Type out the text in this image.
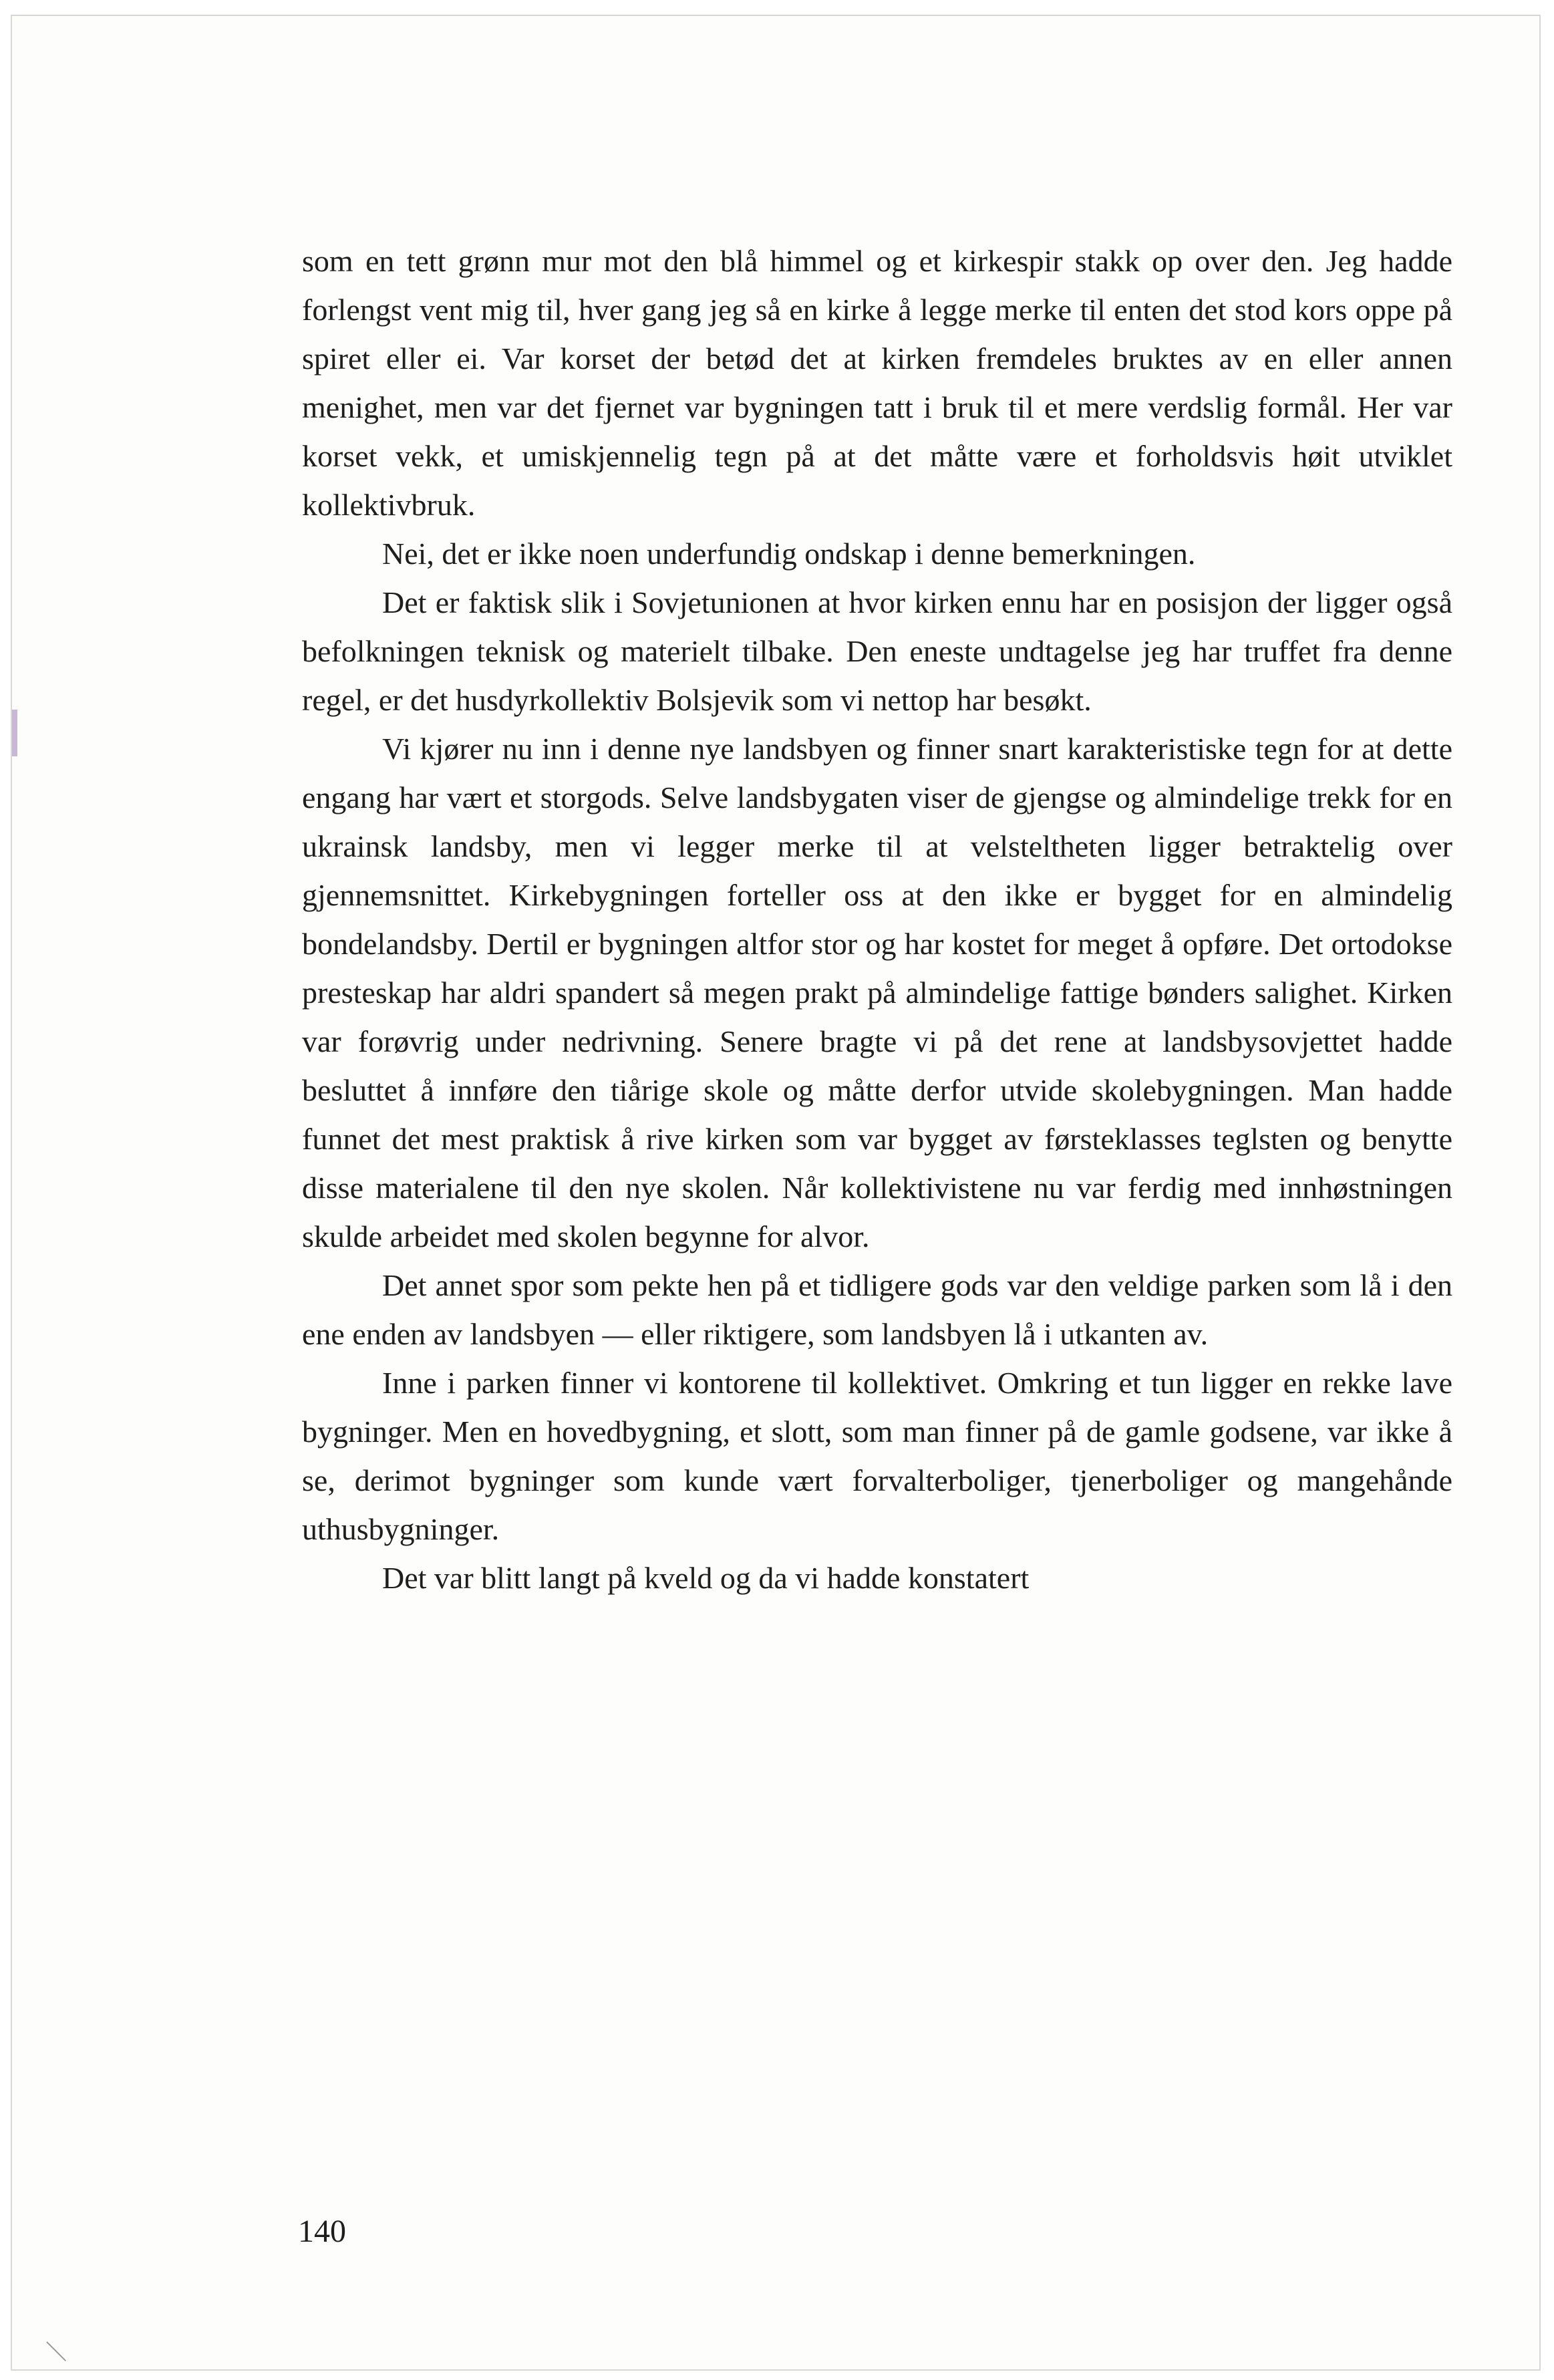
som en tett grønn mur mot den blå himmel og et kirkespir stakk op over den. Jeg hadde forlengst vent mig til, hver gang jeg så en kirke å legge merke til enten det stod kors oppe på spiret eller ei. Var korset der betød det at kirken fremdeles bruktes av en eller annen menighet, men var det fjernet var bygningen tatt i bruk til et mere verdslig formål. Her var korset vekk, et umiskjennelig tegn på at det måtte være et forholdsvis høit utviklet kollektivbruk.

Nei, det er ikke noen underfundig ondskap i denne bemerkningen.

Det er faktisk slik i Sovjetunionen at hvor kirken ennu har en posisjon der ligger også befolkningen teknisk og materielt tilbake. Den eneste undtagelse jeg har truffet fra denne regel, er det husdyrkollektiv Bolsjevik som vi nettop har besøkt.

Vi kjører nu inn i denne nye landsbyen og finner snart karakteristiske tegn for at dette engang har vært et storgods. Selve landsbygaten viser de gjengse og almindelige trekk for en ukrainsk landsby, men vi legger merke til at velsteltheten ligger betraktelig over gjennemsnittet. Kirkebygningen forteller oss at den ikke er bygget for en almindelig bondelandsby. Dertil er bygningen altfor stor og har kostet for meget å opføre. Det ortodokse presteskap har aldri spandert så megen prakt på almindelige fattige bønders salighet. Kirken var forøvrig under nedrivning. Senere bragte vi på det rene at landsbysovjettet hadde besluttet å innføre den tiårige skole og måtte derfor utvide skolebygningen. Man hadde funnet det mest praktisk å rive kirken som var bygget av førsteklasses teglsten og benytte disse materialene til den nye skolen. Når kollektivistene nu var ferdig med innhøstningen skulde arbeidet med skolen begynne for alvor.

Det annet spor som pekte hen på et tidligere gods var den veldige parken som lå i den ene enden av landsbyen — eller riktigere, som landsbyen lå i utkanten av.

Inne i parken finner vi kontorene til kollektivet. Omkring et tun ligger en rekke lave bygninger. Men en hovedbygning, et slott, som man finner på de gamle godsene, var ikke å se, derimot bygninger som kunde vært forvalterboliger, tjenerboliger og mangehånde uthusbygninger.

Det var blitt langt på kveld og da vi hadde konstatert

140
